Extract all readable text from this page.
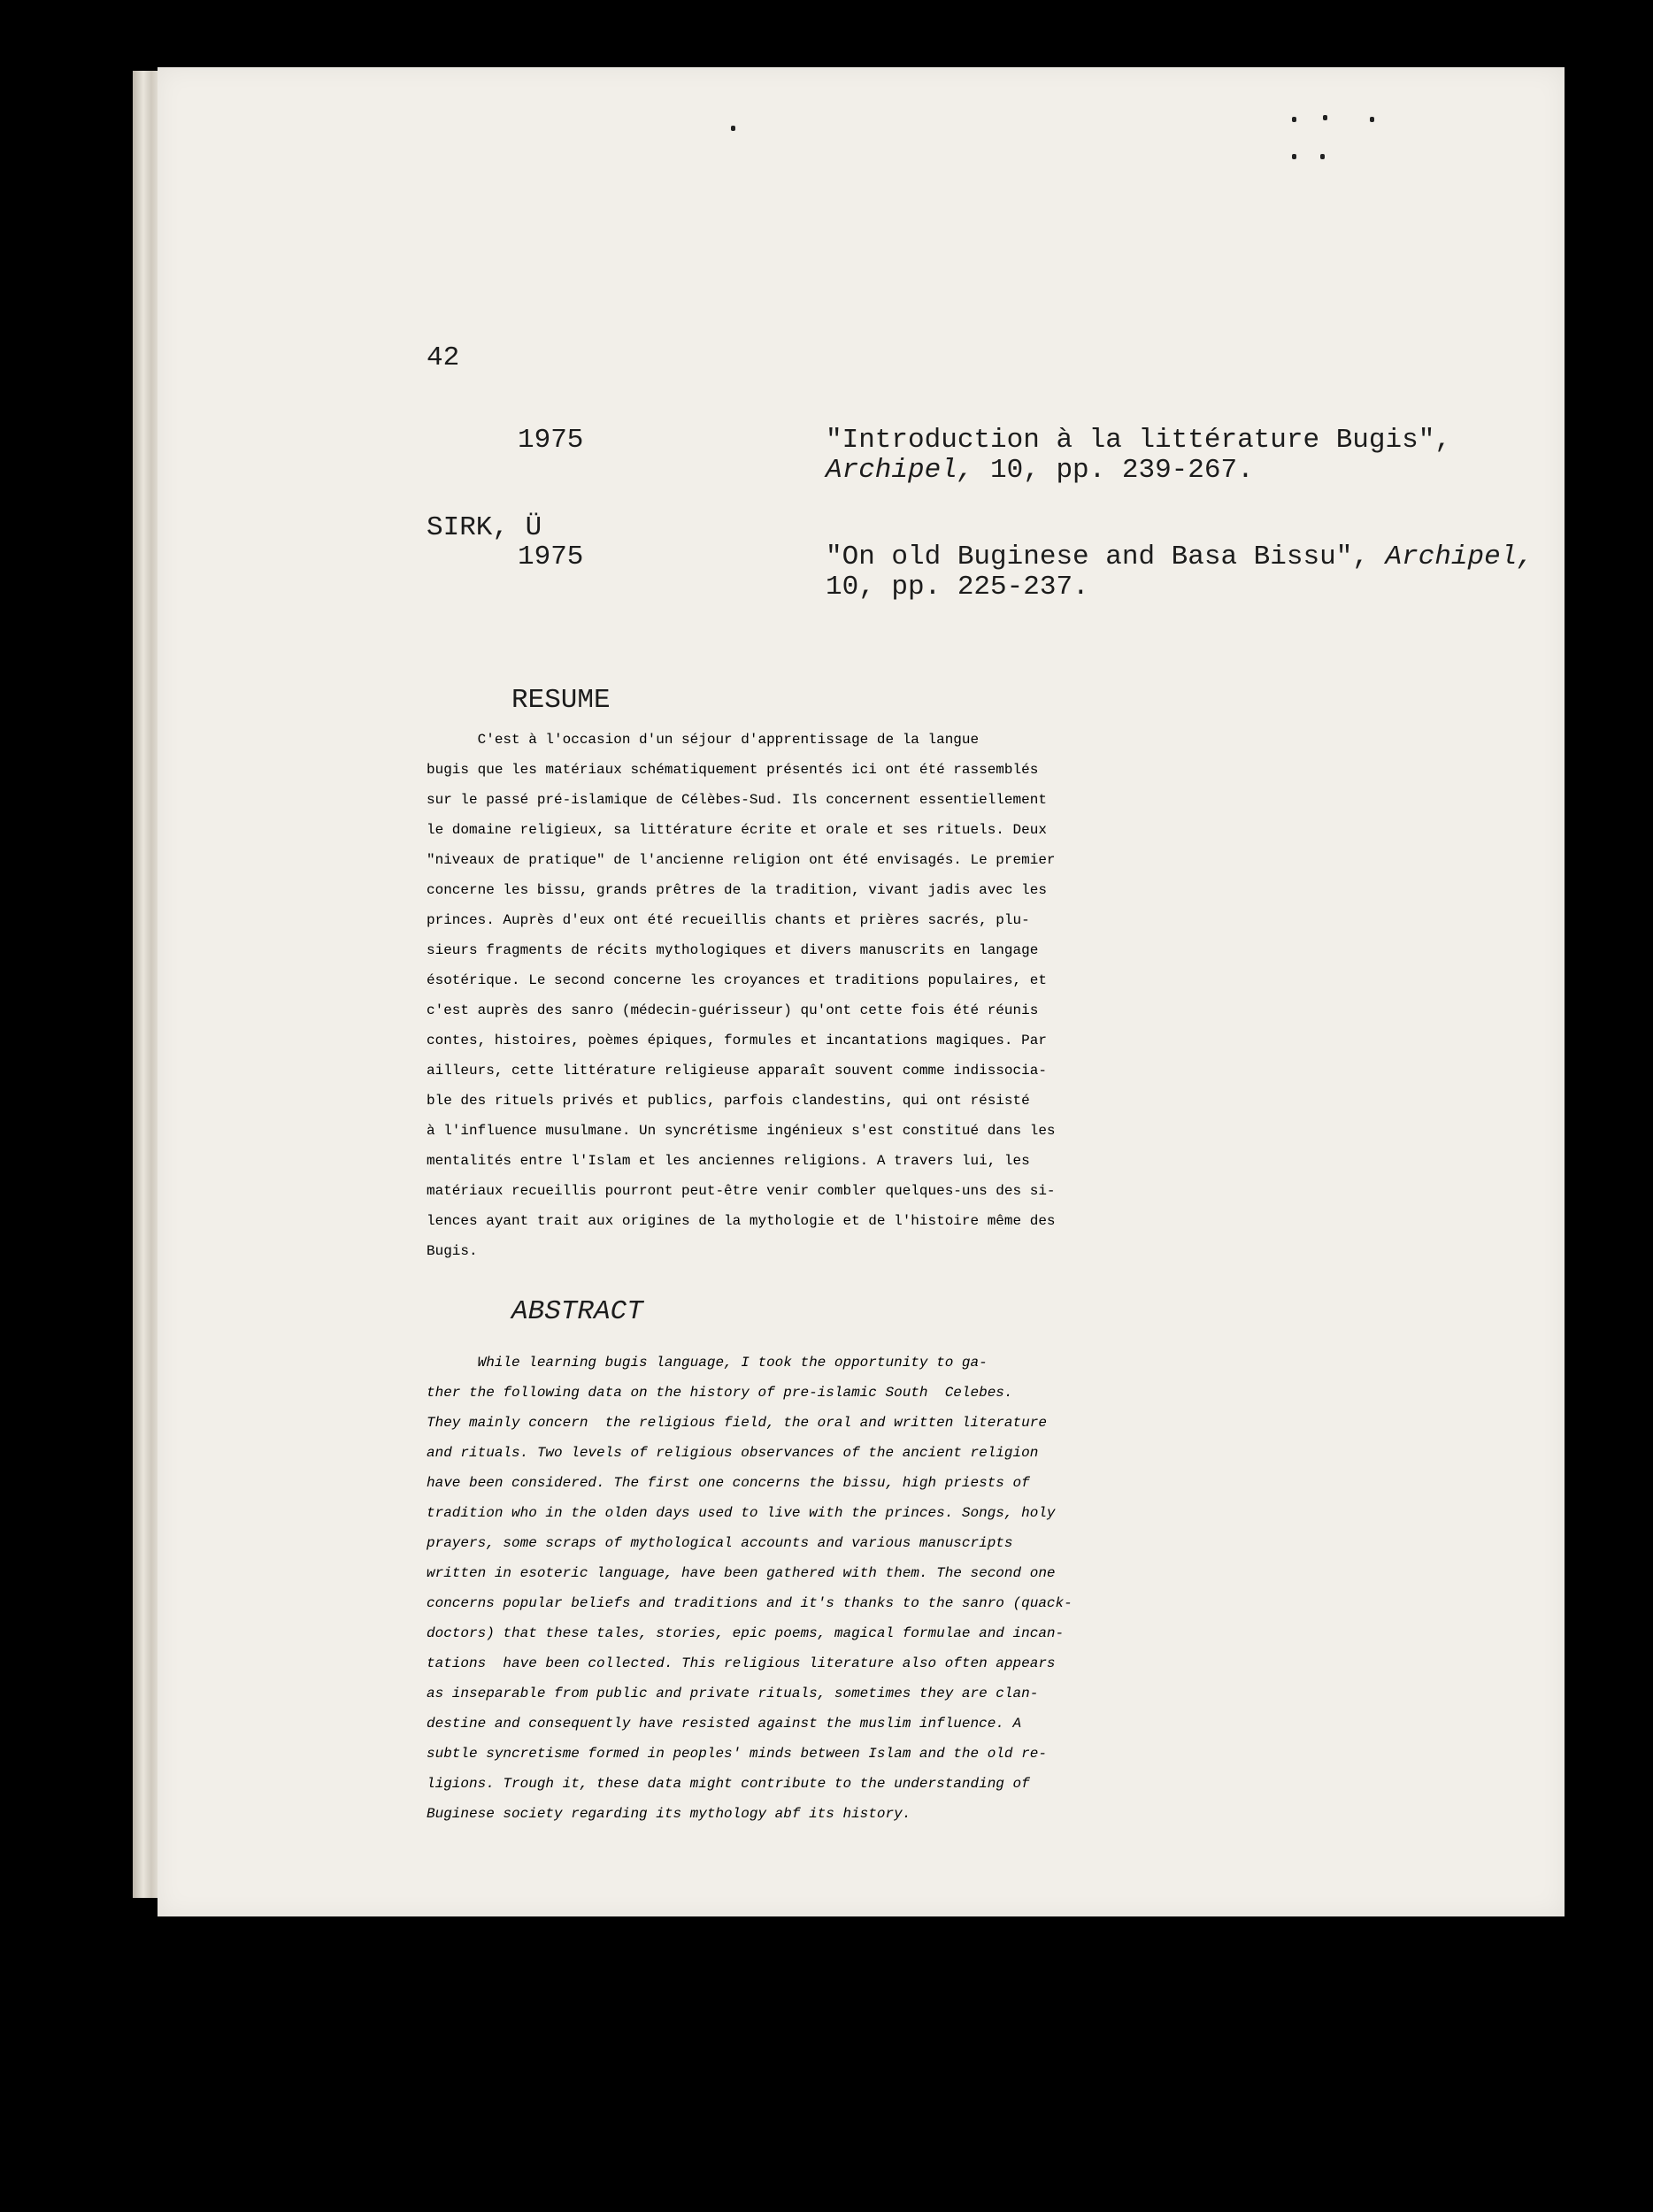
42
1975	"Introduction à la littérature Bugis",
Archipel, 10, pp. 239-267.
SIRK, Ü
1975	"On old Buginese and Basa Bissu", Archipel,
10, pp. 225-237.
RESUME
C'est à l'occasion d'un séjour d'apprentissage de la langue
bugis que les matériaux schématiquement présentés ici ont été rassemblés
sur le passé pré-islamique de Célèbes-Sud. Ils concernent essentiellement
le domaine religieux, sa littérature écrite et orale et ses rituels. Deux
"niveaux de pratique" de l'ancienne religion ont été envisagés. Le premier
concerne les bissu, grands prêtres de la tradition, vivant jadis avec les
princes. Auprès d'eux ont été recueillis chants et prières sacrés, plu-
sieurs fragments de récits mythologiques et divers manuscrits en langage
ésotérique. Le second concerne les croyances et traditions populaires, et
c'est auprès des sanro (médecin-guérisseur) qu'ont cette fois été réunis
contes, histoires, poèmes épiques, formules et incantations magiques. Par
ailleurs, cette littérature religieuse apparaît souvent comme indissocia-
ble des rituels privés et publics, parfois clandestins, qui ont résisté
à l'influence musulmane. Un syncrétisme ingénieux s'est constitué dans les
mentalités entre l'Islam et les anciennes religions. A travers lui, les
matériaux recueillis pourront peut-être venir combler quelques-uns des si-
lences ayant trait aux origines de la mythologie et de l'histoire même des
Bugis.
ABSTRACT
While learning bugis language, I took the opportunity to ga-
ther the following data on the history of pre-islamic South  Celebes.
They mainly concern  the religious field, the oral and written literature
and rituals. Two levels of religious observances of the ancient religion
have been considered. The first one concerns the bissu, high priests of
tradition who in the olden days used to live with the princes. Songs, holy
prayers, some scraps of mythological accounts and various manuscripts
written in esoteric language, have been gathered with them. The second one
concerns popular beliefs and traditions and it's thanks to the sanro (quack-
doctors) that these tales, stories, epic poems, magical formulae and incan-
tations  have been collected. This religious literature also often appears
as inseparable from public and private rituals, sometimes they are clan-
destine and consequently have resisted against the muslim influence. A
subtle syncretisme formed in peoples' minds between Islam and the old re-
ligions. Trough it, these data might contribute to the understanding of
Buginese society regarding its mythology abf its history.
